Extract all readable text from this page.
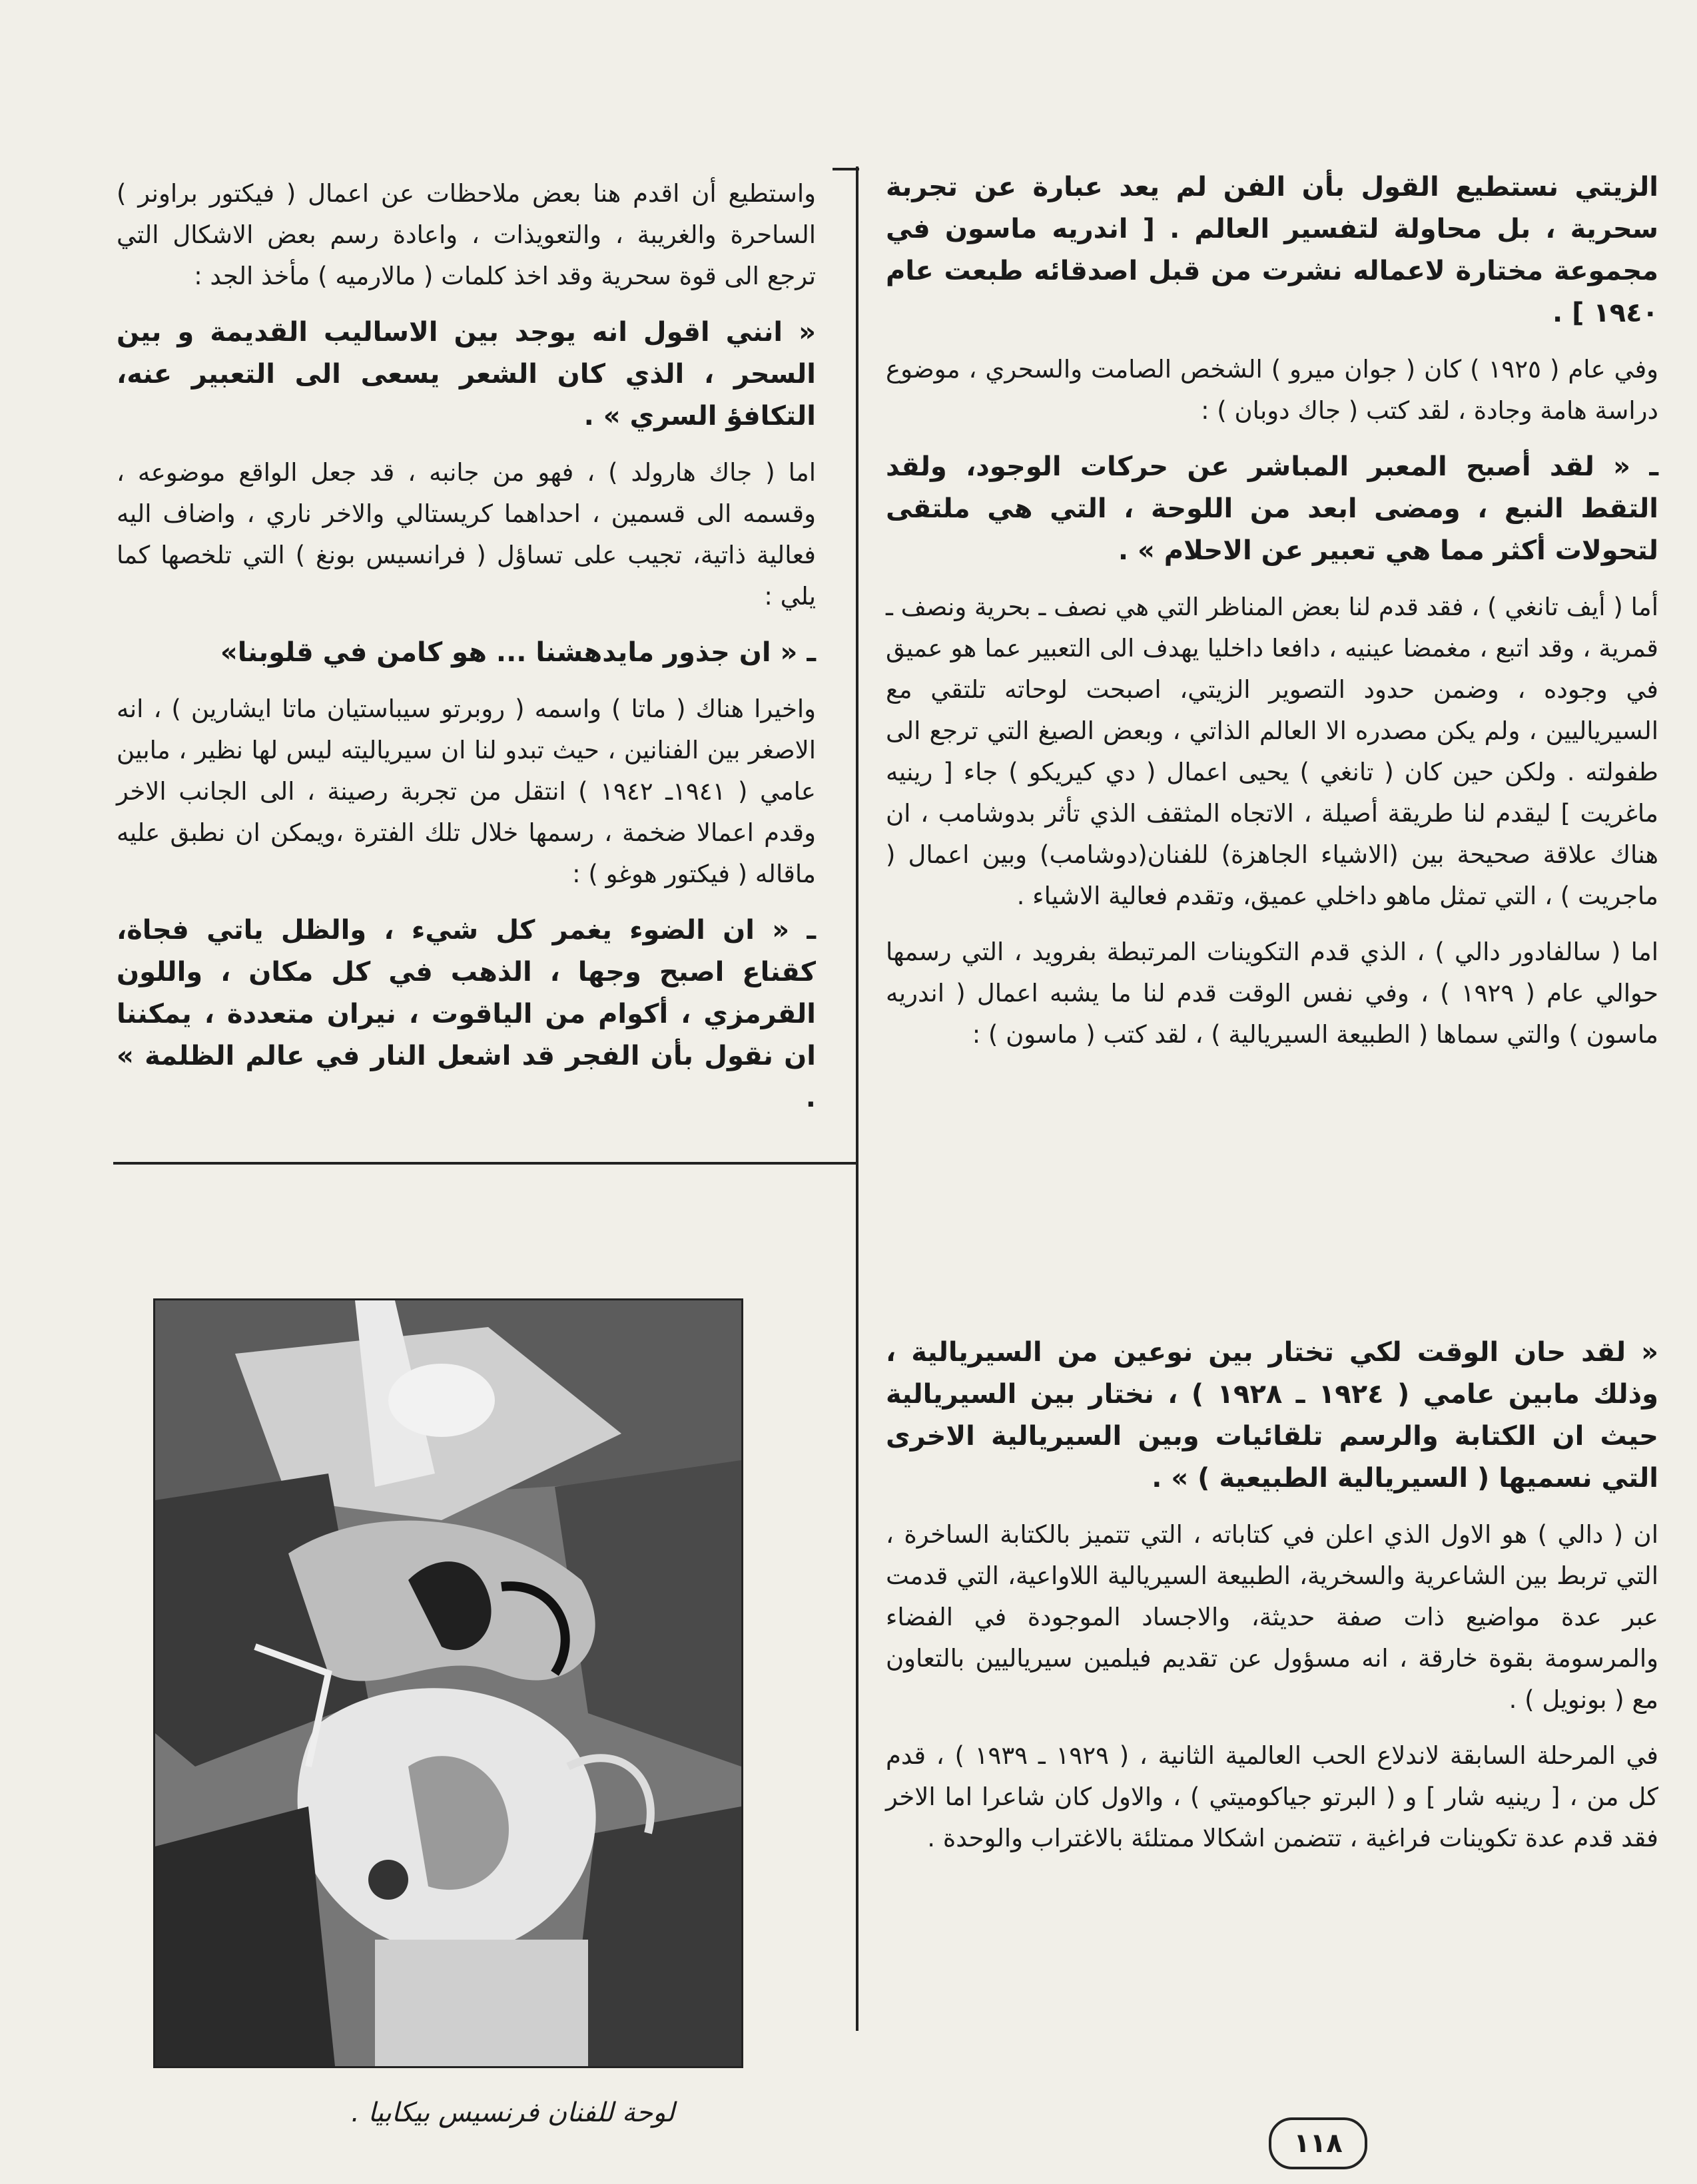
الزيتي نستطيع القول بأن الفن لم يعد عبارة عن تجربة سحرية ، بل محاولة لتفسير العالم . [ اندريه ماسون في مجموعة مختارة لاعماله نشرت من قبل اصدقائه طبعت عام ١٩٤٠ ] .

وفي عام ( ١٩٢٥ ) كان ( جوان ميرو ) الشخص الصامت والسحري ، موضوع دراسة هامة وجادة ، لقد كتب ( جاك دوبان ) :

ـ « لقد أصبح المعبر المباشر عن حركات الوجود، ولقد التقط النبع ، ومضى ابعد من اللوحة ، التي هي ملتقى لتحولات أكثر مما هي تعبير عن الاحلام » .

أما ( أيف تانغي ) ، فقد قدم لنا بعض المناظر التي هي نصف ـ بحرية ونصف ـ قمرية ، وقد اتبع ، مغمضا عينيه ، دافعا داخليا يهدف الى التعبير عما هو عميق في وجوده ، وضمن حدود التصوير الزيتي، اصبحت لوحاته تلتقي مع السيرياليين ، ولم يكن مصدره الا العالم الذاتي ، وبعض الصيغ التي ترجع الى طفولته . ولكن حين كان ( تانغي ) يحيى اعمال ( دي كيريكو ) جاء [ رينيه ماغريت ] ليقدم لنا طريقة أصيلة ، الاتجاه المثقف الذي تأثر بدوشامب ، ان هناك علاقة صحيحة بين (الاشياء الجاهزة) للفنان(دوشامب) وبين اعمال ( ماجريت ) ، التي تمثل ماهو داخلي عميق، وتقدم فعالية الاشياء .

اما ( سالفادور دالي ) ، الذي قدم التكوينات المرتبطة بفرويد ، التي رسمها حوالي عام ( ١٩٢٩ ) ، وفي نفس الوقت قدم لنا ما يشبه اعمال ( اندريه ماسون ) والتي سماها ( الطبيعة السيريالية ) ، لقد كتب ( ماسون ) :

« لقد حان الوقت لكي تختار بين نوعين من السيريالية ، وذلك مابين عامي ( ١٩٢٤ ـ ١٩٢٨ ) ، نختار بين السيريالية حيث ان الكتابة والرسم تلقائيات وبين السيريالية الاخرى التي نسميها ( السيريالية الطبيعية ) » .

ان ( دالي ) هو الاول الذي اعلن في كتاباته ، التي تتميز بالكتابة الساخرة ، التي تربط بين الشاعرية والسخرية، الطبيعة السيريالية اللاواعية، التي قدمت عبر عدة مواضيع ذات صفة حديثة، والاجساد الموجودة في الفضاء والمرسومة بقوة خارقة ، انه مسؤول عن تقديم فيلمين سيرياليين بالتعاون مع ( بونويل ) .

في المرحلة السابقة لاندلاع الحب العالمية الثانية ، ( ١٩٢٩ ـ ١٩٣٩ ) ، قدم كل من ، [ رينيه شار ] و ( البرتو جياكوميتي ) ، والاول كان شاعرا اما الاخر فقد قدم عدة تكوينات فراغية ، تتضمن اشكالا ممتلئة بالاغتراب والوحدة .

واستطيع أن اقدم هنا بعض ملاحظات عن اعمال ( فيكتور براونر ) الساحرة والغريبة ، والتعويذات ، واعادة رسم بعض الاشكال التي ترجع الى قوة سحرية وقد اخذ كلمات ( مالارميه ) مأخذ الجد :

« انني اقول انه يوجد بين الاساليب القديمة و بين السحر ، الذي كان الشعر يسعى الى التعبير عنه، التكافؤ السري » .

اما ( جاك هارولد ) ، فهو من جانبه ، قد جعل الواقع موضوعه ، وقسمه الى قسمين ، احداهما كريستالي والاخر ناري ، واضاف اليه فعالية ذاتية، تجيب على تساؤل ( فرانسيس بونغ ) التي تلخصها كما يلي :

ـ « ان جذور مايدهشنا ... هو كامن في قلوبنا»

واخيرا هناك ( ماتا ) واسمه ( روبرتو سيباستيان ماتا ايشارين ) ، انه الاصغر بين الفنانين ، حيث تبدو لنا ان سيرياليته ليس لها نظير ، مابين عامي ( ١٩٤١ـ ١٩٤٢ ) انتقل من تجربة رصينة ، الى الجانب الاخر وقدم اعمالا ضخمة ، رسمها خلال تلك الفترة ،ويمكن ان نطبق عليه ماقاله ( فيكتور هوغو ) :

ـ « ان الضوء يغمر كل شيء ، والظل ياتي فجاة، كقناع اصبح وجها ، الذهب في كل مكان ، واللون القرمزي ، أكوام من الياقوت ، نيران متعددة ، يمكننا ان نقول بأن الفجر قد اشعل النار في عالم الظلمة » .

لوحة للفنان فرنسيس بيكابيا .
١١٨
